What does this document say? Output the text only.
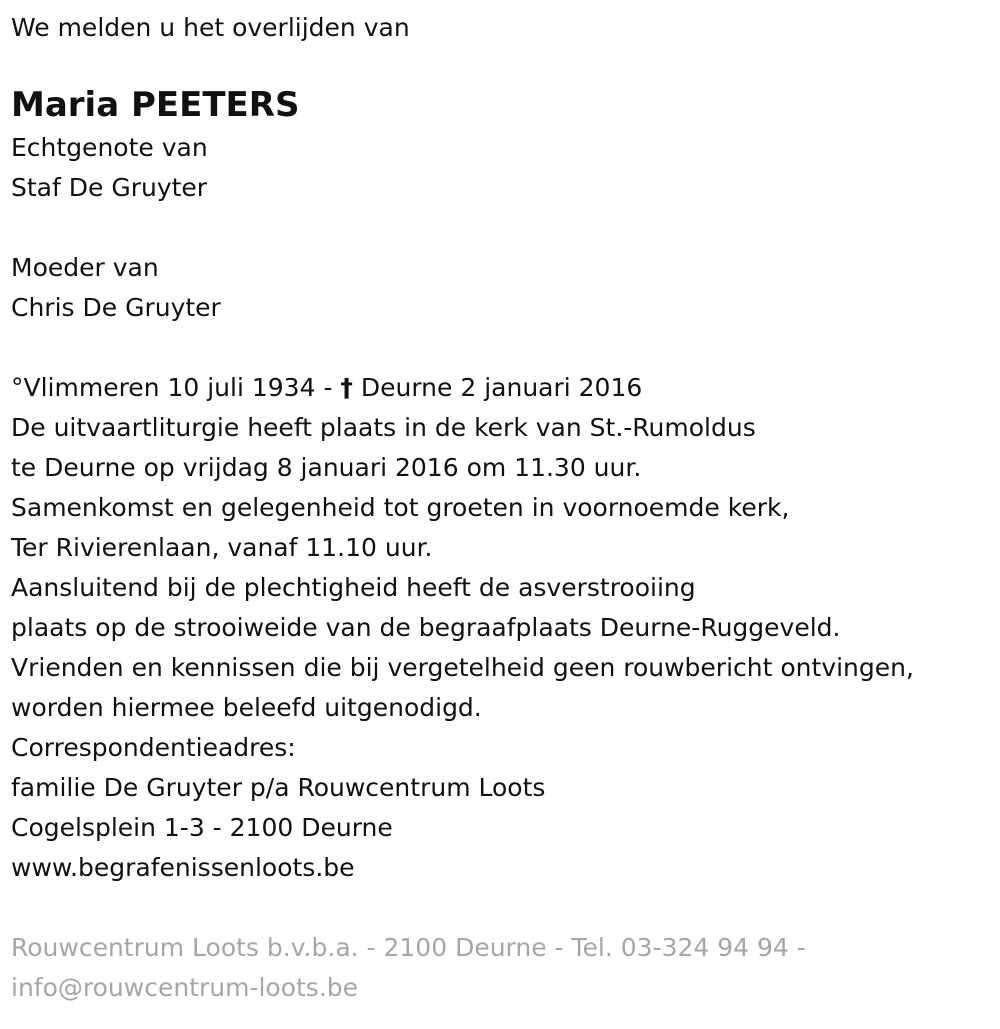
We melden u het overlijden van
Maria PEETERS
Echtgenote van
Staf De Gruyter
Moeder van
Chris De Gruyter
°Vlimmeren 10 juli 1934 - † Deurne 2 januari 2016
De uitvaartliturgie heeft plaats in de kerk van St.-Rumoldus
te Deurne op vrijdag 8 januari 2016 om 11.30 uur.
Samenkomst en gelegenheid tot groeten in voornoemde kerk,
Ter Rivierenlaan, vanaf 11.10 uur.
Aansluitend bij de plechtigheid heeft de asverstrooiing
plaats op de strooiweide van de begraafplaats Deurne-Ruggeveld.
Vrienden en kennissen die bij vergetelheid geen rouwbericht ontvingen,
worden hiermee beleefd uitgenodigd.
Correspondentieadres:
familie De Gruyter p/a Rouwcentrum Loots
Cogelsplein 1-3 - 2100 Deurne
www.begrafenissenloots.be
Rouwcentrum Loots b.v.b.a. - 2100 Deurne - Tel. 03-324 94 94 -
info@rouwcentrum-loots.be
